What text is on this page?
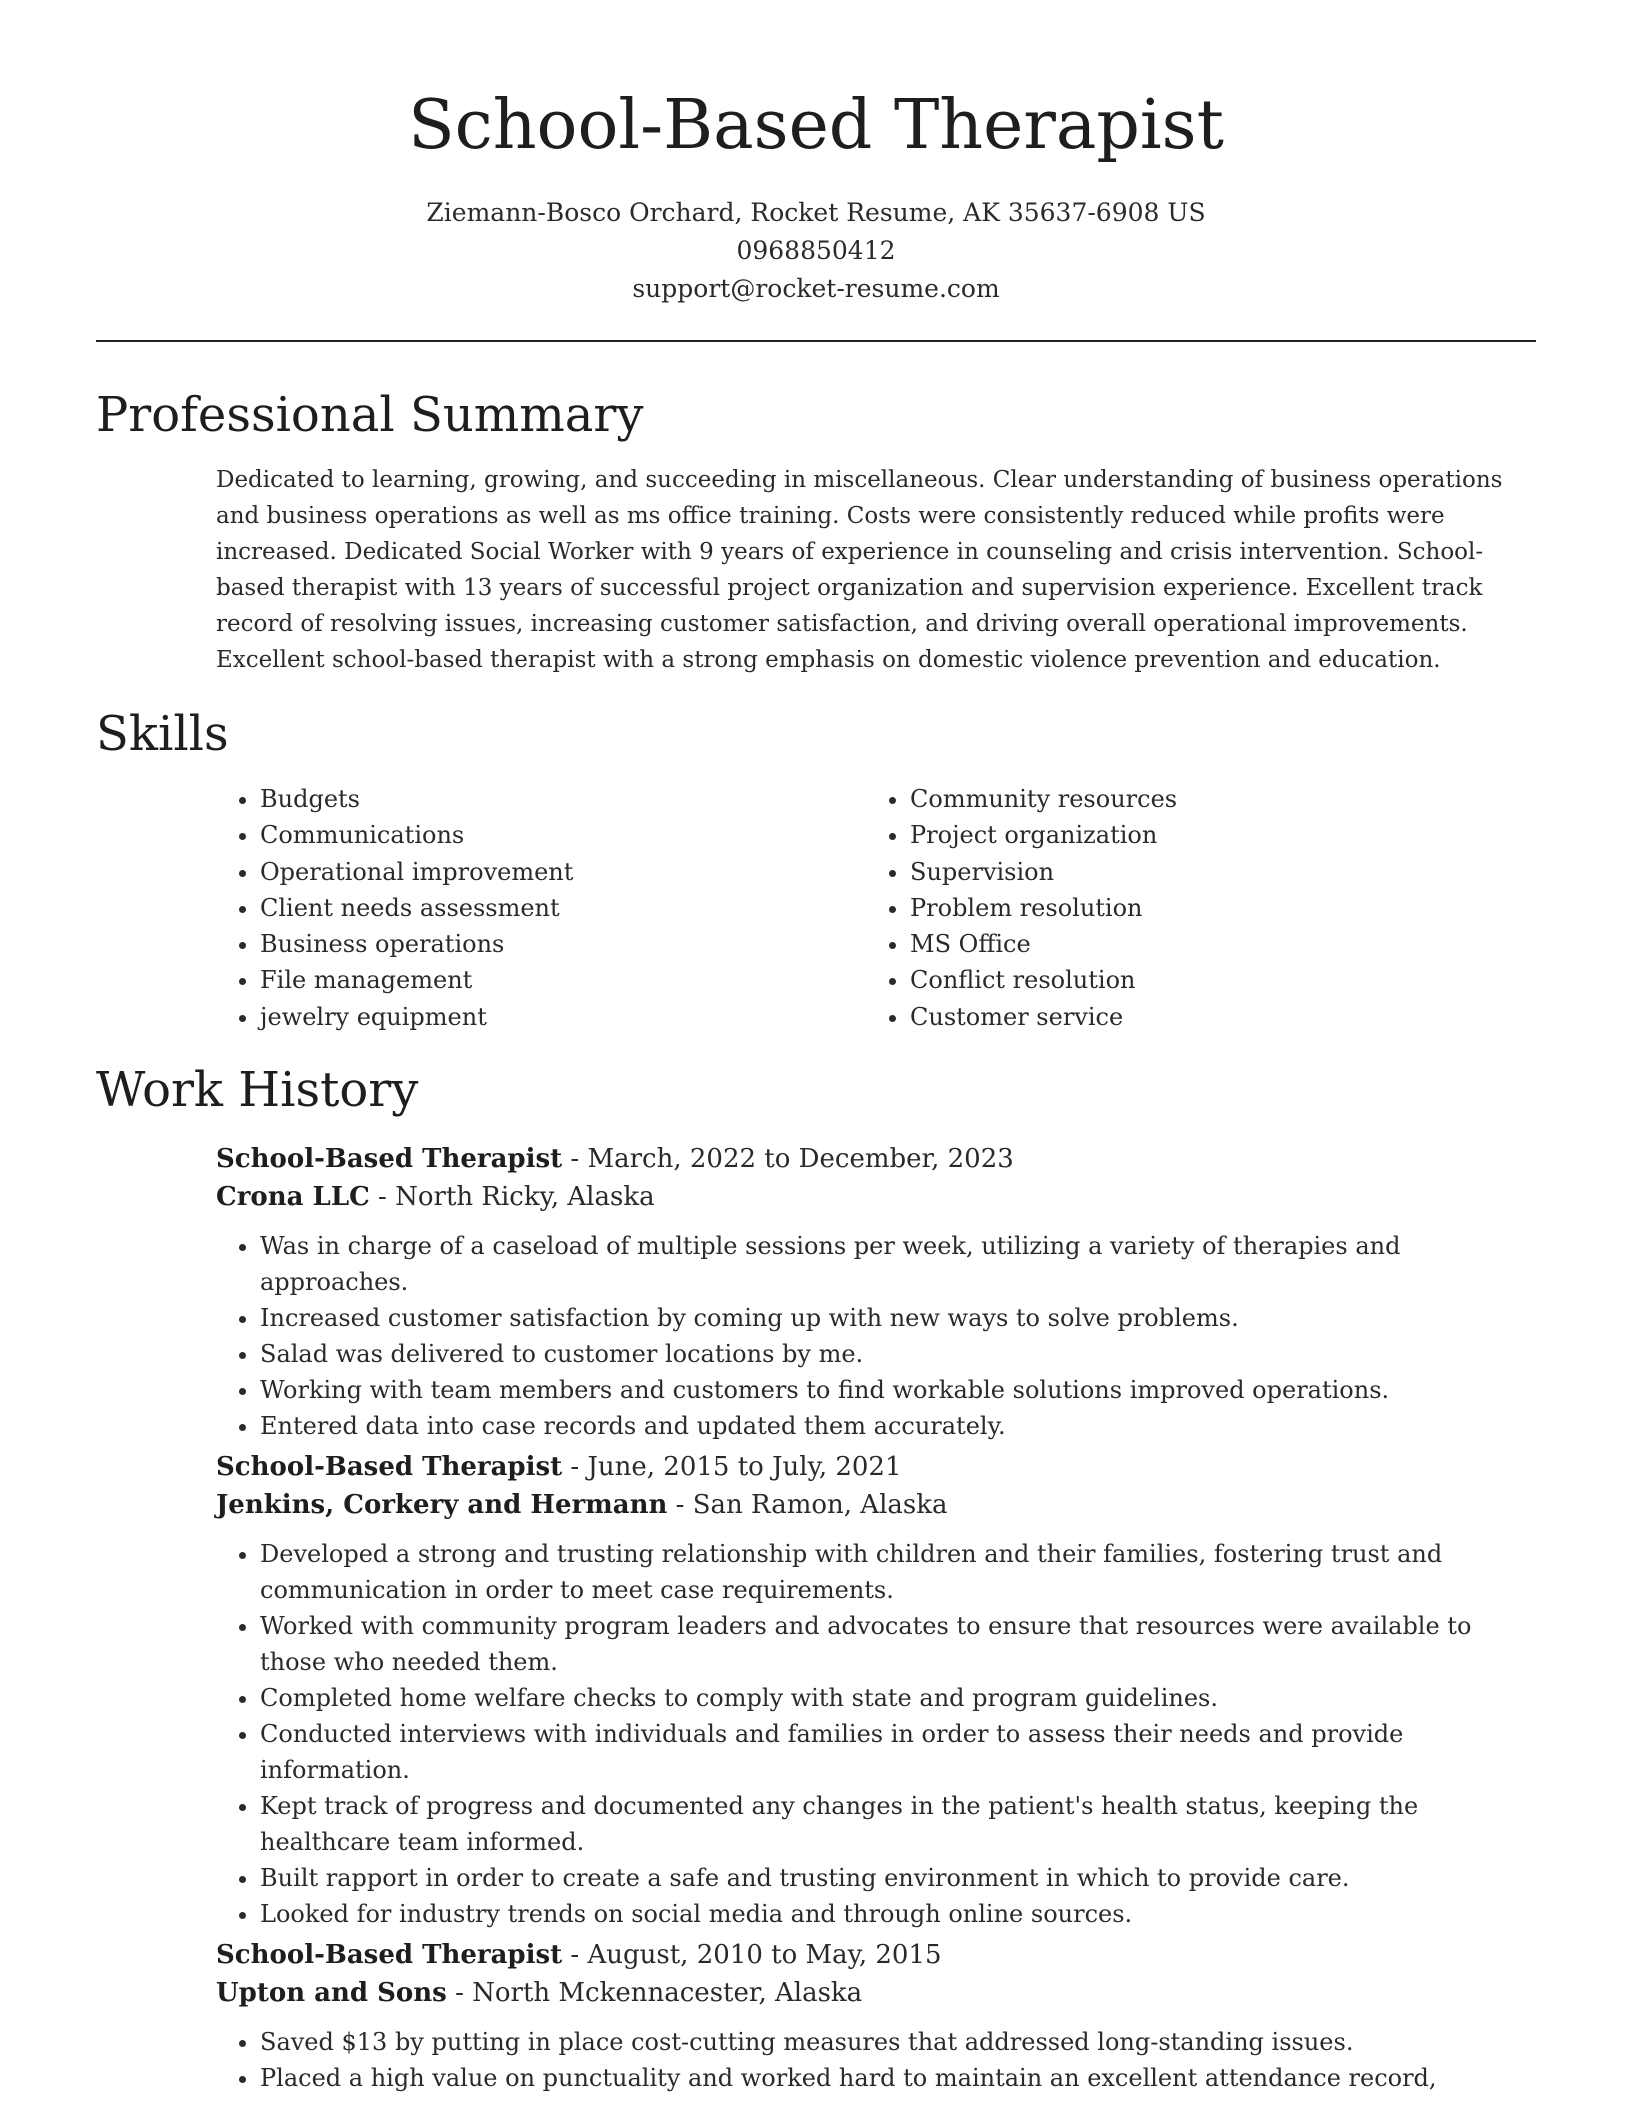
School-Based Therapist

Ziemann-Bosco Orchard, Rocket Resume, AK 35637-6908 US

0968850412

support@rocket-resume.com

Professional Summary

Dedicated to learning, growing, and succeeding in miscellaneous. Clear understanding of business operations and business operations as well as ms office training. Costs were consistently reduced while profits were increased. Dedicated Social Worker with 9 years of experience in counseling and crisis intervention. School-based therapist with 13 years of successful project organization and supervision experience. Excellent track record of resolving issues, increasing customer satisfaction, and driving overall operational improvements. Excellent school-based therapist with a strong emphasis on domestic violence prevention and education.

Skills
• Budgets
• Communications
• Operational improvement
• Client needs assessment
• Business operations
• File management
• jewelry equipment
• Community resources
• Project organization
• Supervision
• Problem resolution
• MS Office
• Conflict resolution
• Customer service
Work History

School-Based Therapist - March, 2022 to December, 2023

Crona LLC - North Ricky, Alaska

• Was in charge of a caseload of multiple sessions per week, utilizing a variety of therapies and approaches.
• Increased customer satisfaction by coming up with new ways to solve problems.
• Salad was delivered to customer locations by me.
• Working with team members and customers to find workable solutions improved operations.
• Entered data into case records and updated them accurately.

School-Based Therapist - June, 2015 to July, 2021

Jenkins, Corkery and Hermann - San Ramon, Alaska

• Developed a strong and trusting relationship with children and their families, fostering trust and communication in order to meet case requirements.
• Worked with community program leaders and advocates to ensure that resources were available to those who needed them.
• Completed home welfare checks to comply with state and program guidelines.
• Conducted interviews with individuals and families in order to assess their needs and provide information.
• Kept track of progress and documented any changes in the patient's health status, keeping the healthcare team informed.
• Built rapport in order to create a safe and trusting environment in which to provide care.
• Looked for industry trends on social media and through online sources.

School-Based Therapist - August, 2010 to May, 2015

Upton and Sons - North Mckennacester, Alaska

• Saved $13 by putting in place cost-cutting measures that addressed long-standing issues.
• Placed a high value on punctuality and worked hard to maintain an excellent attendance record,
